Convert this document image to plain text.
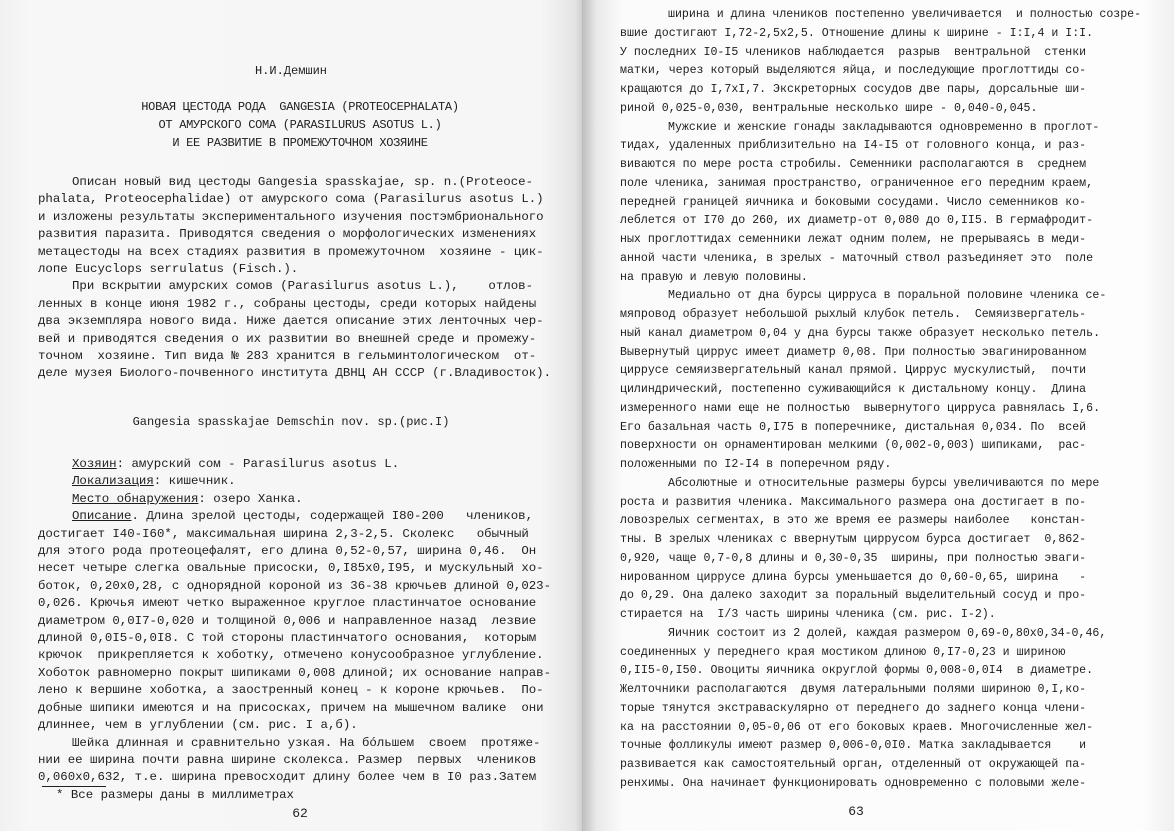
Н.И.Демшин
НОВАЯ ЦЕСТОДА РОДА  GANGESIA (PROTEOCEPHALATA)
ОТ АМУРСКОГО СОМА (PARASILURUS ASOTUS L.)
И ЕЕ РАЗВИТИЕ В ПРОМЕЖУТОЧНОМ ХОЗЯИНЕ
Описан новый вид цестоды Gangesia spasskajae, sp. n.(Proteoce-
phalata, Proteocephalidae) от амурского сома (Parasilurus asotus L.)
и изложены результаты экспериментального изучения постэмбрионального
развития паразита. Приводятся сведения о морфологических изменениях
метацестоды на всех стадиях развития в промежуточном  хозяине - цик-
лопе Eucyclops serrulatus (Fisch.).
При вскрытии амурских сомов (Parasilurus asotus L.),    отлов-
ленных в конце июня 1982 г., собраны цестоды, среди которых найдены
два экземпляра нового вида. Ниже дается описание этих ленточных чер-
вей и приводятся сведения о их развитии во внешней среде и промежу-
точном  хозяине. Тип вида № 283 хранится в гельминтологическом  от-
деле музея Биолого-почвенного института ДВНЦ АН СССР (г.Владивосток).
Gangesia spasskajae Demschin nov. sp.(рис.I)
Хозяин: амурский сом - Parasilurus asotus L.
Локализация: кишечник.
Место обнаружения: озеро Ханка.
Описание. Длина зрелой цестоды, содержащей I80-200   члеников,
достигает I40-I60*, максимальная ширина 2,3-2,5. Сколекс   обычный
для этого рода протеоцефалят, его длина 0,52-0,57, ширина 0,46.  Он
несет четыре слегка овальные присоски, 0,I85x0,I95, и мускульный хо-
боток, 0,20x0,28, с однорядной короной из 36-38 крючьев длиной 0,023-
0,026. Крючья имеют четко выраженное круглое пластинчатое основание
диаметром 0,0I7-0,020 и толщиной 0,006 и направленное назад  лезвие
длиной 0,0I5-0,0I8. С той стороны пластинчатого основания,  которым
крючок  прикрепляется к хоботку, отмечено конусообразное углубление.
Хоботок равномерно покрыт шипиками 0,008 длиной; их основание направ-
лено к вершине хоботка, а заостренный конец - к короне крючьев.  По-
добные шипики имеются и на присосках, причем на мышечном валике  они
длиннее, чем в углублении (см. рис. I а,б).
Шейка длинная и сравнительно узкая. На бóльшем  своем  протяже-
нии ее ширина почти равна ширине сколекса. Размер  первых  члеников
0,060x0,632, т.е. ширина превосходит длину более чем в I0 раз.Затем
* Все размеры даны в миллиметрах
62
ширина и длина члеников постепенно увеличивается  и полностью созре-
вшие достигают I,72-2,5x2,5. Отношение длины к ширине - I:I,4 и I:I.
У последних I0-I5 члеников наблюдается  разрыв  вентральной  стенки
матки, через который выделяются яйца, и последующие проглоттиды со-
кращаются до I,7xI,7. Экскреторных сосудов две пары, дорсальные ши-
риной 0,025-0,030, вентральные несколько шире - 0,040-0,045.
Мужские и женские гонады закладываются одновременно в проглот-
тидах, удаленных приблизительно на I4-I5 от головного конца, и раз-
виваются по мере роста стробилы. Семенники располагаются в  среднем
поле членика, занимая пространство, ограниченное его передним краем,
передней границей яичника и боковыми сосудами. Число семенников ко-
леблется от I70 до 260, их диаметр-от 0,080 до 0,II5. В гермафродит-
ных проглоттидах семенники лежат одним полем, не прерываясь в меди-
анной части членика, в зрелых - маточный ствол разъединяет это  поле
на правую и левую половины.
Медиально от дна бурсы цирруса в поральной половине членика се-
мяпровод образует небольшой рыхлый клубок петель.  Семяизвергатель-
ный канал диаметром 0,04 у дна бурсы также образует несколько петель.
Вывернутый циррус имеет диаметр 0,08. При полностью эвагинированном
циррусе семяизвергательный канал прямой. Циррус мускулистый,  почти
цилиндрический, постепенно суживающийся к дистальному концу.  Длина
измеренного нами еще не полностью  вывернутого цирруса равнялась I,6.
Его базальная часть 0,I75 в поперечнике, дистальная 0,034. По  всей
поверхности он орнаментирован мелкими (0,002-0,003) шипиками,  рас-
положенными по I2-I4 в поперечном ряду.
Абсолютные и относительные размеры бурсы увеличиваются по мере
роста и развития членика. Максимального размера она достигает в по-
ловозрелых сегментах, в это же время ее размеры наиболее   констан-
тны. В зрелых члениках с ввернутым циррусом бурса достигает  0,862-
0,920, чаще 0,7-0,8 длины и 0,30-0,35  ширины, при полностью эваги-
нированном циррусе длина бурсы уменьшается до 0,60-0,65, ширина   -
до 0,29. Она далеко заходит за поральный выделительный сосуд и про-
стирается на  I/3 часть ширины членика (см. рис. I-2).
Яичник состоит из 2 долей, каждая размером 0,69-0,80x0,34-0,46,
соединенных у переднего края мостиком длиною 0,I7-0,23 и шириною
0,II5-0,I50. Овоциты яичника округлой формы 0,008-0,0I4  в диаметре.
Желточники располагаются  двумя латеральными полями шириною 0,I,ко-
торые тянутся экстраваскулярно от переднего до заднего конца члени-
ка на расстоянии 0,05-0,06 от его боковых краев. Многочисленные жел-
точные фолликулы имеют размер 0,006-0,0I0. Матка закладывается    и
развивается как самостоятельный орган, отделенный от окружающей па-
ренхимы. Она начинает функционировать одновременно с половыми желе-
63
